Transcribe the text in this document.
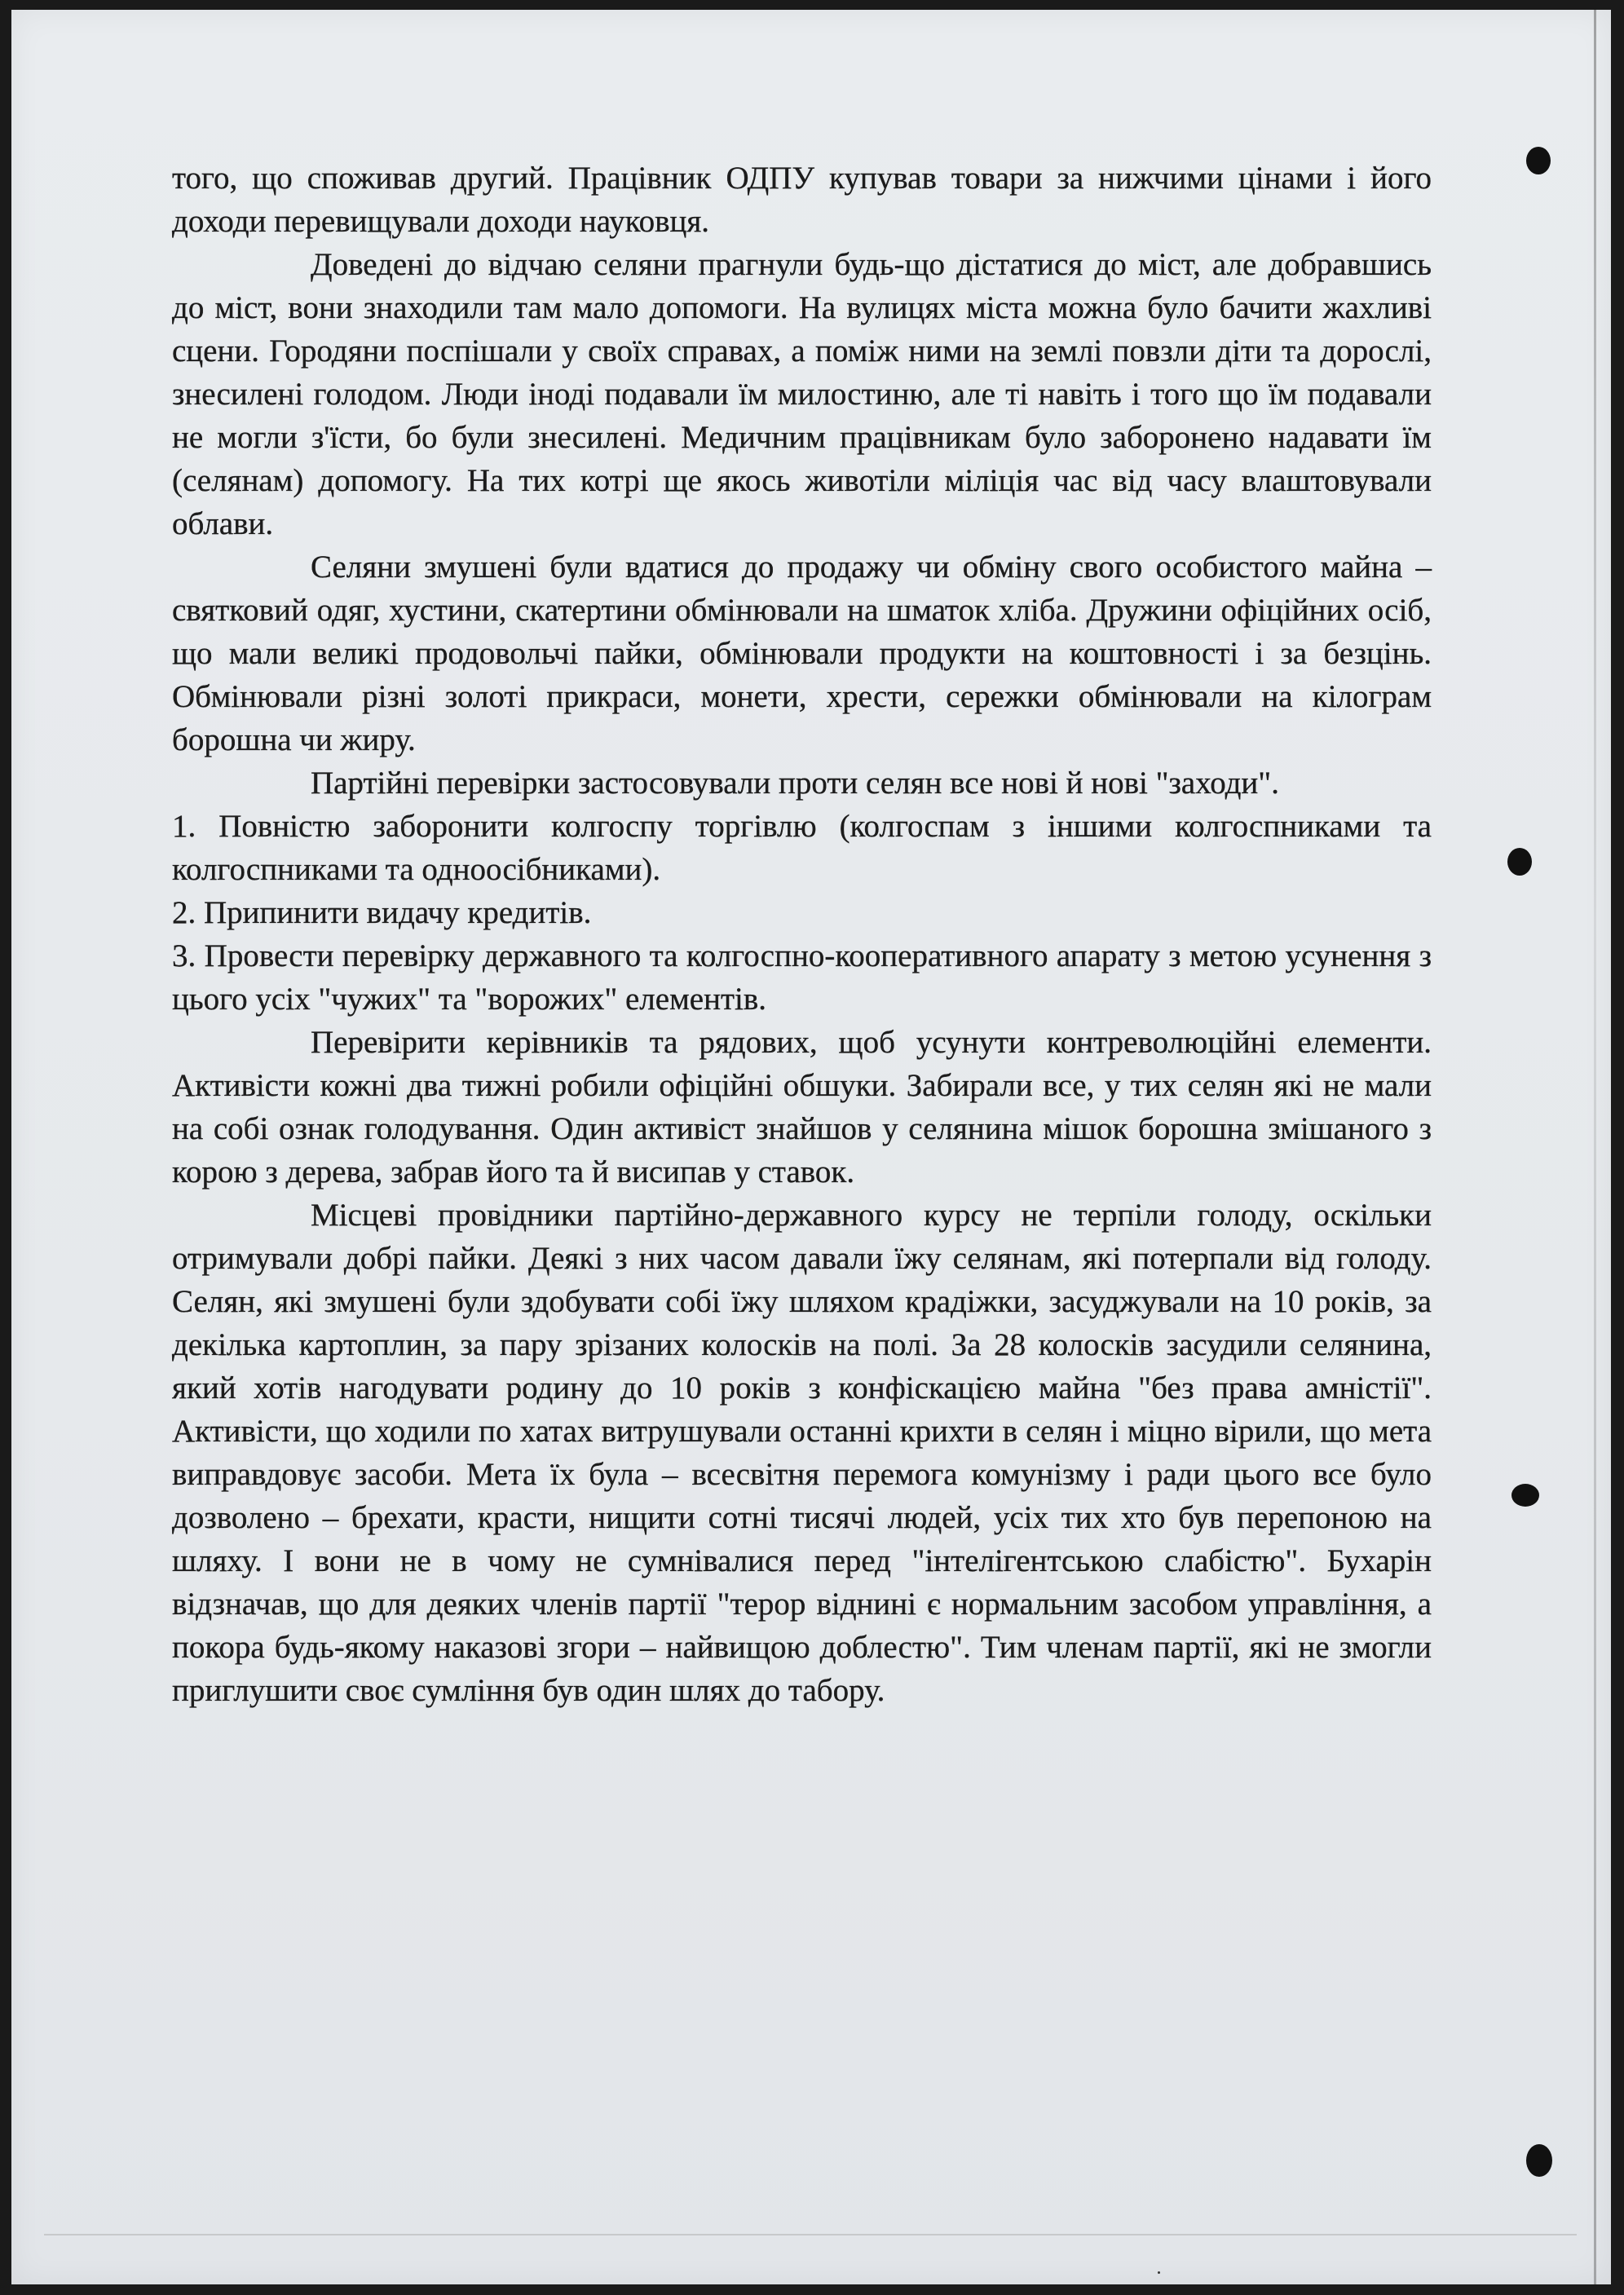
того, що споживав другий. Працівник ОДПУ купував товари за нижчими цінами і його доходи перевищували доходи науковця.

Доведені до відчаю селяни прагнули будь-що дістатися до міст, але добравшись до міст, вони знаходили там мало допомоги. На вулицях міста можна було бачити жахливі сцени. Городяни поспішали у своїх справах, а поміж ними на землі повзли діти та дорослі, знесилені голодом. Люди іноді подавали їм милостиню, але ті навіть і того що їм подавали не могли з'їсти, бо були знесилені. Медичним працівникам було заборонено надавати їм (селянам) допомогу. На тих котрі ще якось животіли міліція час від часу влаштовували облави.

Селяни змушені були вдатися до продажу чи обміну свого особистого майна – святковий одяг, хустини, скатертини обмінювали на шматок хліба. Дружини офіційних осіб, що мали великі продовольчі пайки, обмінювали продукти на коштовності і за безцінь. Обмінювали різні золоті прикраси, монети, хрести, сережки обмінювали на кілограм борошна чи жиру.

Партійні перевірки застосовували проти селян все нові й нові "заходи".

1. Повністю заборонити колгоспу торгівлю (колгоспам з іншими колгоспниками та колгоспниками та одноосібниками).

2. Припинити видачу кредитів.

3. Провести перевірку державного та колгоспно-кооперативного апарату з метою усунення з цього усіх "чужих" та "ворожих" елементів.

Перевірити керівників та рядових, щоб усунути контреволюційні елементи. Активісти кожні два тижні робили офіційні обшуки. Забирали все, у тих селян які не мали на собі ознак голодування. Один активіст знайшов у селянина мішок борошна змішаного з корою з дерева, забрав його та й висипав у ставок.

Місцеві провідники партійно-державного курсу не терпіли голоду, оскільки отримували добрі пайки. Деякі з них часом давали їжу селянам, які потерпали від голоду. Селян, які змушені були здобувати собі їжу шляхом крадіжки, засуджували на 10 років, за декілька картоплин, за пару зрізаних колосків на полі. За 28 колосків засудили селянина, який хотів нагодувати родину до 10 років з конфіскацією майна "без права амністії". Активісти, що ходили по хатах витрушували останні крихти в селян і міцно вірили, що мета виправдовує засоби. Мета їх була – всесвітня перемога комунізму і ради цього все було дозволено – брехати, красти, нищити сотні тисячі людей, усіх тих хто був перепоною на шляху. І вони не в чому не сумнівалися перед "інтелігентською слабістю". Бухарін відзначав, що для деяких членів партії "терор віднині є нормальним засобом управління, а покора будь-якому наказові згори – найвищою доблестю". Тим членам партії, які не змогли приглушити своє сумління був один шлях до табору.
